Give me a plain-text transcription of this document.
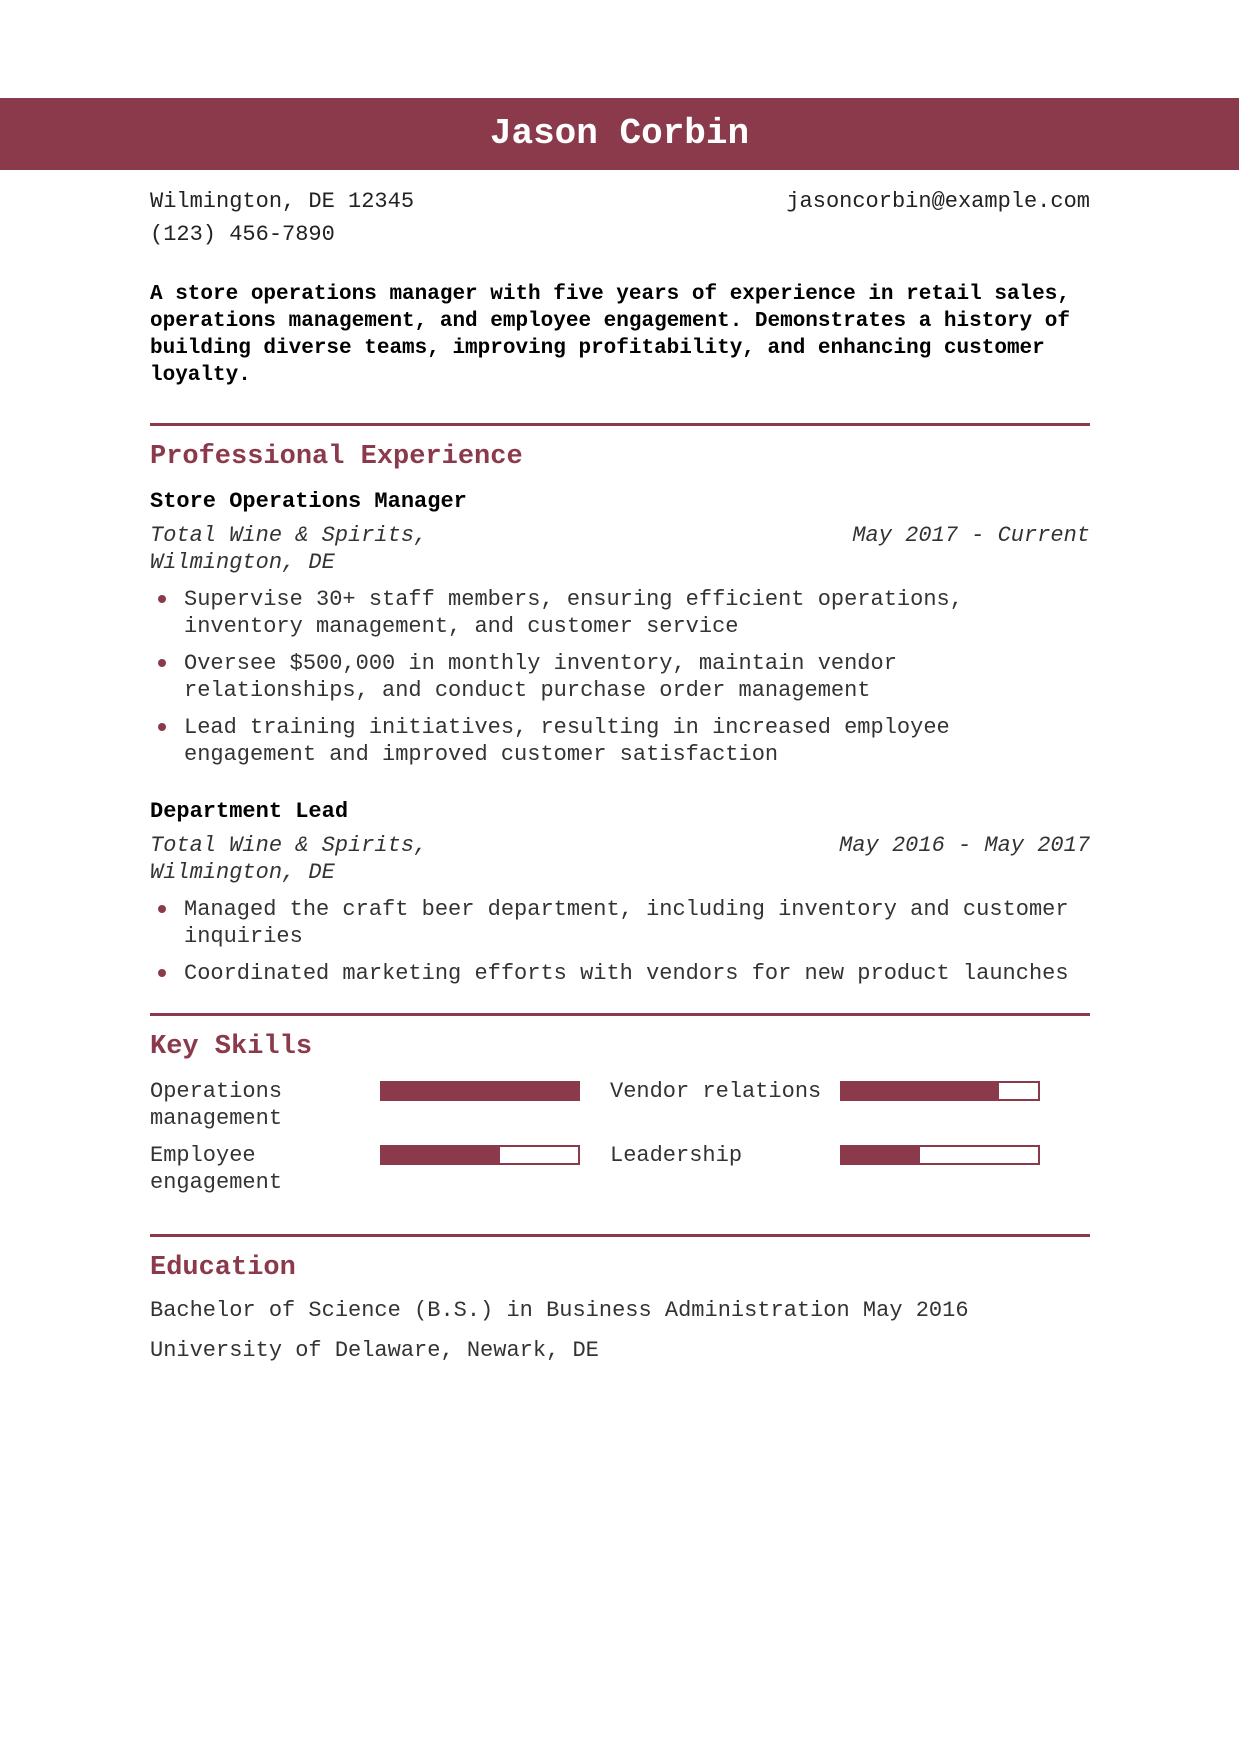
Jason Corbin
Wilmington, DE 12345	jasoncorbin@example.com
(123) 456-7890
A store operations manager with five years of experience in retail sales, operations management, and employee engagement. Demonstrates a history of building diverse teams, improving profitability, and enhancing customer loyalty.
Professional Experience
Store Operations Manager
Total Wine & Spirits, Wilmington, DE
May 2017 - Current
Supervise 30+ staff members, ensuring efficient operations, inventory management, and customer service
Oversee $500,000 in monthly inventory, maintain vendor relationships, and conduct purchase order management
Lead training initiatives, resulting in increased employee engagement and improved customer satisfaction
Department Lead
Total Wine & Spirits, Wilmington, DE
May 2016 - May 2017
Managed the craft beer department, including inventory and customer inquiries
Coordinated marketing efforts with vendors for new product launches
Key Skills
Operations management
Vendor relations
Employee engagement
Leadership
Education
Bachelor of Science (B.S.) in Business Administration May 2016
University of Delaware, Newark, DE
